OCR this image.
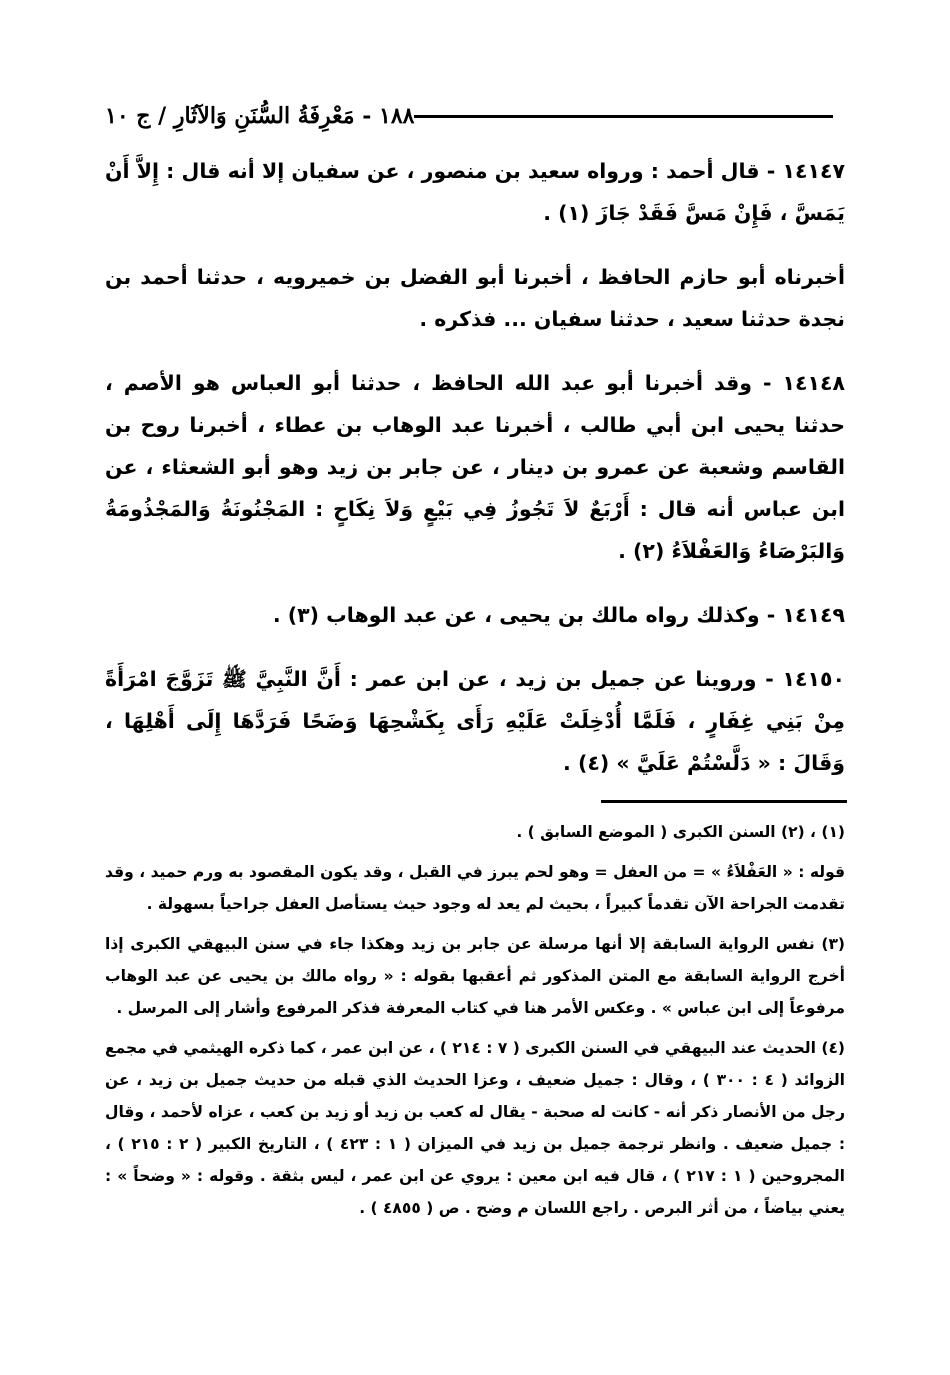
١٨٨ - مَعْرِفَةُ السُّنَنِ وَالآثَارِ / ج ١٠

١٤١٤٧ - قال أحمد : ورواه سعيد بن منصور ، عن سفيان إلا أنه قال : إِلاَّ أَنْ يَمَسَّ ، فَإِنْ مَسَّ فَقَدْ جَازَ (١) .

أخبرناه أبو حازم الحافظ ، أخبرنا أبو الفضل بن خميرويه ، حدثنا أحمد بن نجدة حدثنا سعيد ، حدثنا سفيان ... فذكره .

١٤١٤٨ - وقد أخبرنا أبو عبد الله الحافظ ، حدثنا أبو العباس هو الأصم ، حدثنا يحيى ابن أبي طالب ، أخبرنا عبد الوهاب بن عطاء ، أخبرنا روح بن القاسم وشعبة عن عمرو بن دينار ، عن جابر بن زيد وهو أبو الشعثاء ، عن ابن عباس أنه قال : أَرْبَعٌ لاَ تَجُوزُ فِي بَيْعٍ وَلاَ نِكَاحٍ : المَجْنُونَةُ وَالمَجْذُومَةُ وَالبَرْصَاءُ وَالعَفْلاَءُ (٢) .

١٤١٤٩ - وكذلك رواه مالك بن يحيى ، عن عبد الوهاب (٣) .

١٤١٥٠ - وروينا عن جميل بن زيد ، عن ابن عمر : أَنَّ النَّبِيَّ ﷺ تَزَوَّجَ امْرَأَةً مِنْ بَنِي غِفَارٍ ، فَلَمَّا أُدْخِلَتْ عَلَيْهِ رَأَى بِكَشْحِهَا وَضَحًا فَرَدَّهَا إِلَى أَهْلِهَا ، وَقَالَ : « دَلَّسْتُمْ عَلَيَّ » (٤) .

(١) ، (٢) السنن الكبرى ( الموضع السابق ) .

قوله : « العَفْلاَءُ » = من العفل = وهو لحم يبرز في القبل ، وقد يكون المقصود به ورم حميد ، وقد تقدمت الجراحة الآن تقدماً كبيراً ، بحيث لم يعد له وجود حيث يستأصل العفل جراحياً بسهولة .

(٣) نفس الرواية السابقة إلا أنها مرسلة عن جابر بن زيد وهكذا جاء في سنن البيهقي الكبرى إذا أخرج الرواية السابقة مع المتن المذكور ثم أعقبها بقوله : « رواه مالك بن يحيى عن عبد الوهاب مرفوعاً إلى ابن عباس » . وعكس الأمر هنا في كتاب المعرفة فذكر المرفوع وأشار إلى المرسل .

(٤) الحديث عند البيهقي في السنن الكبرى ( ٧ : ٢١٤ ) ، عن ابن عمر ، كما ذكره الهيثمي في مجمع الزوائد ( ٤ : ٣٠٠ ) ، وقال : جميل ضعيف ، وعزا الحديث الذي قبله من حديث جميل بن زيد ، عن رجل من الأنصار ذكر أنه - كانت له صحبة - يقال له كعب بن زيد أو زيد بن كعب ، عزاه لأحمد ، وقال : جميل ضعيف . وانظر ترجمة جميل بن زيد في الميزان ( ١ : ٤٢٣ ) ، التاريخ الكبير ( ٢ : ٢١٥ ) ، المجروحين ( ١ : ٢١٧ ) ، قال فيه ابن معين : يروي عن ابن عمر ، ليس بثقة . وقوله : « وضحاً » : يعني بياضاً ، من أثر البرص . راجع اللسان م وضح . ص ( ٤٨٥٥ ) .
